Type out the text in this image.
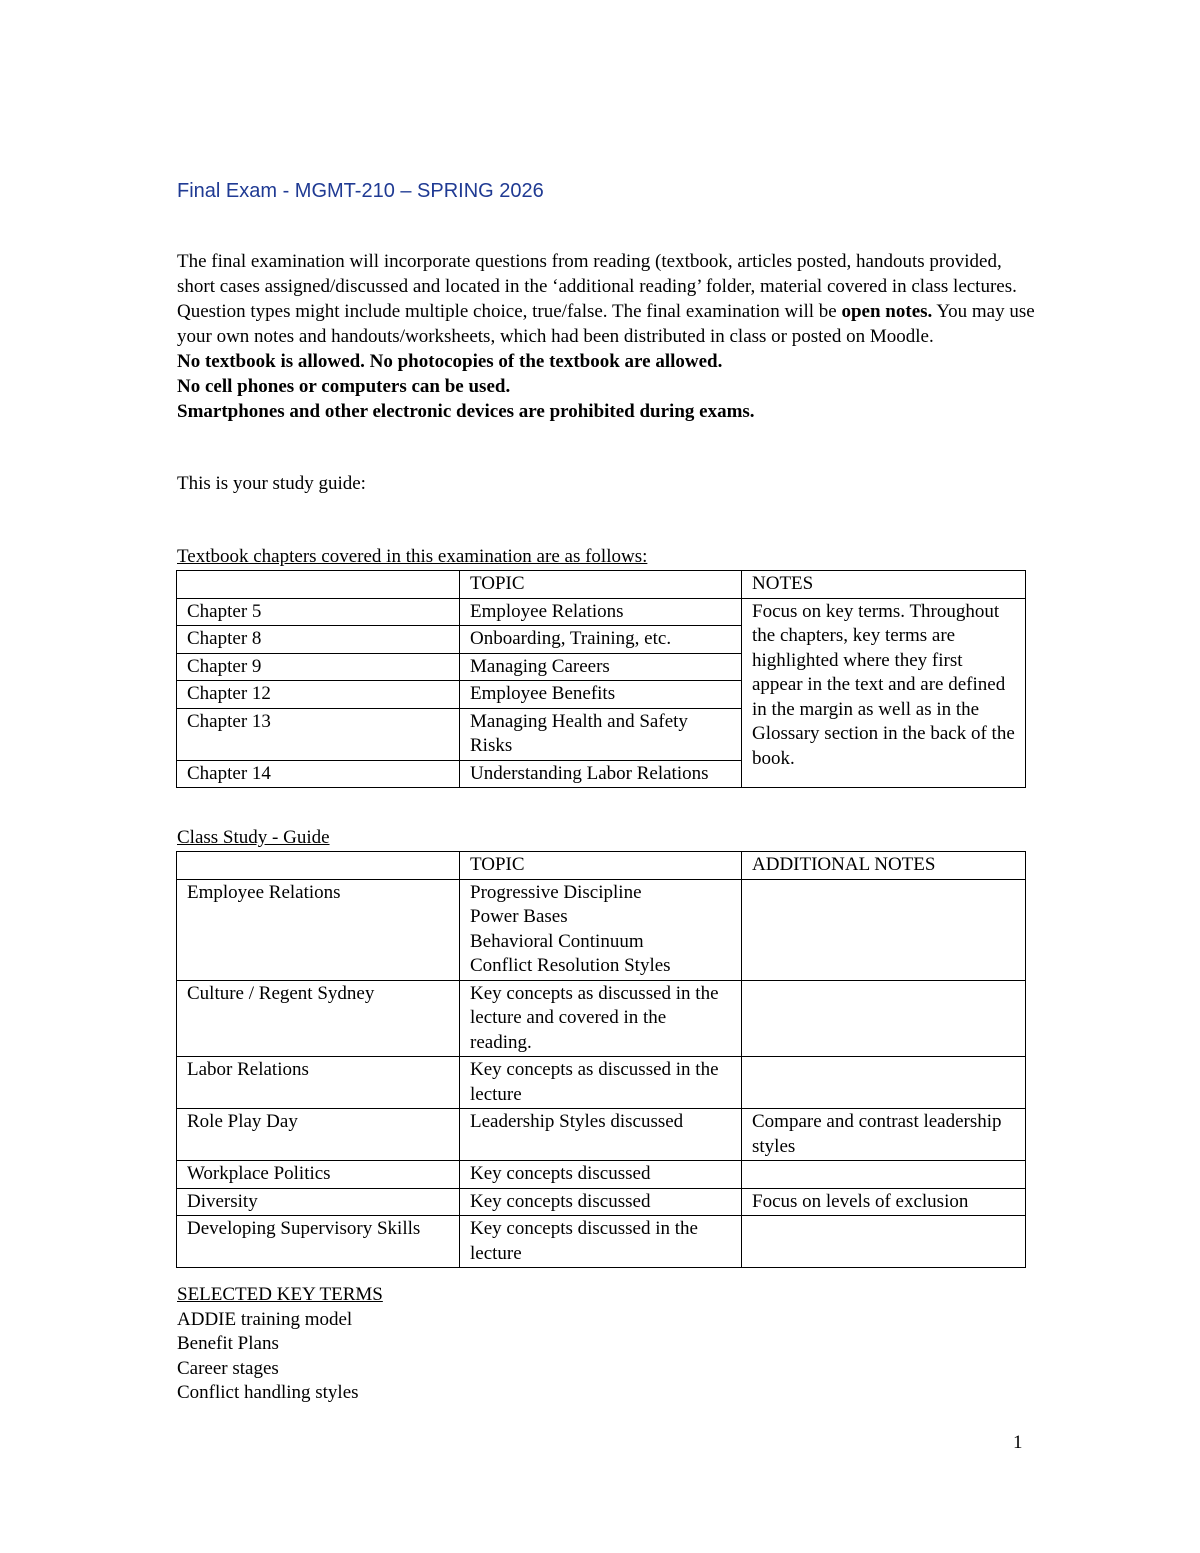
Final Exam - MGMT-210 – SPRING 2026

The final examination will incorporate questions from reading (textbook, articles posted, handouts provided, short cases assigned/discussed and located in the ‘additional reading’ folder, material covered in class lectures. Question types might include multiple choice, true/false. The final examination will be open notes. You may use your own notes and handouts/worksheets, which had been distributed in class or posted on Moodle.

No textbook is allowed. No photocopies of the textbook are allowed.

No cell phones or computers can be used.

Smartphones and other electronic devices are prohibited during exams.

This is your study guide:
Textbook chapters covered in this examination are as follows:
	TOPIC	NOTES
Chapter 5	Employee Relations	Focus on key terms. Throughout the chapters, key terms are highlighted where they first appear in the text and are defined in the margin as well as in the Glossary section in the back of the book.
Chapter 8	Onboarding, Training, etc.	
Chapter 9	Managing Careers	
Chapter 12	Employee Benefits	
Chapter 13	Managing Health and Safety Risks	
Chapter 14	Understanding Labor Relations	
Class Study - Guide
	TOPIC	ADDITIONAL NOTES
Employee Relations	Progressive Discipline
Power Bases
Behavioral Continuum
Conflict Resolution Styles	

Culture / Regent Sydney	Key concepts as discussed in the lecture and covered in the reading.	
Labor Relations	Key concepts as discussed in the lecture	
Role Play Day	Leadership Styles discussed	Compare and contrast leadership styles
Workplace Politics	Key concepts discussed	
Diversity	Key concepts discussed	Focus on levels of exclusion
Developing Supervisory Skills	Key concepts discussed in the lecture	
SELECTED KEY TERMS
ADDIE training model
Benefit Plans
Career stages
Conflict handling styles
1
